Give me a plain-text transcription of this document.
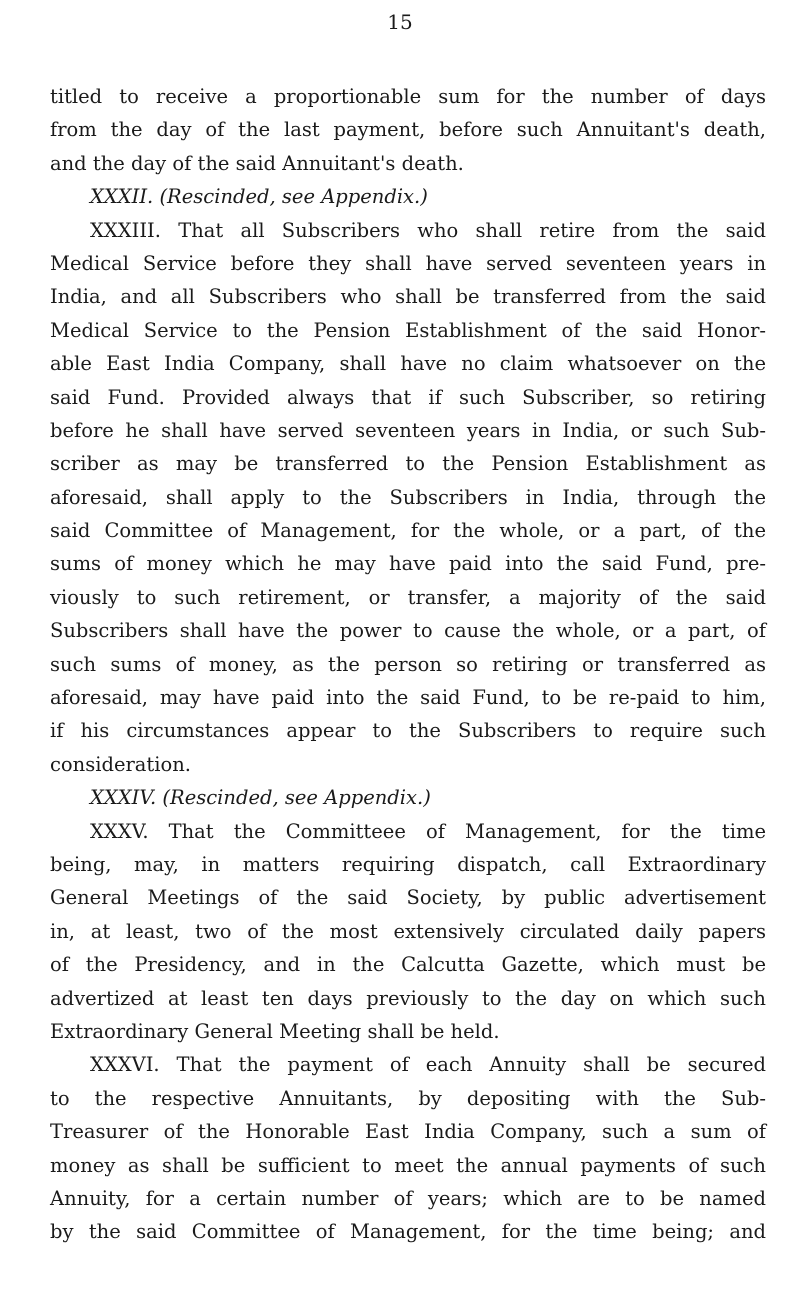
15
titled to receive a proportionable sum for the number of days
from the day of the last payment, before such Annuitant's death,
and the day of the said Annuitant's death.
XXXII. (Rescinded, see Appendix.)
XXXIII. That all Subscribers who shall retire from the said
Medical Service before they shall have served seventeen years in
India, and all Subscribers who shall be transferred from the said
Medical Service to the Pension Establishment of the said Honor-
able East India Company, shall have no claim whatsoever on the
said Fund. Provided always that if such Subscriber, so retiring
before he shall have served seventeen years in India, or such Sub-
scriber as may be transferred to the Pension Establishment as
aforesaid, shall apply to the Subscribers in India, through the
said Committee of Management, for the whole, or a part, of the
sums of money which he may have paid into the said Fund, pre-
viously to such retirement, or transfer, a majority of the said
Subscribers shall have the power to cause the whole, or a part, of
such sums of money, as the person so retiring or transferred as
aforesaid, may have paid into the said Fund, to be re-paid to him,
if his circumstances appear to the Subscribers to require such
consideration.
XXXIV. (Rescinded, see Appendix.)
XXXV. That the Committeee of Management, for the time
being, may, in matters requiring dispatch, call Extraordinary
General Meetings of the said Society, by public advertisement
in, at least, two of the most extensively circulated daily papers
of the Presidency, and in the Calcutta Gazette, which must be
advertized at least ten days previously to the day on which such
Extraordinary General Meeting shall be held.
XXXVI. That the payment of each Annuity shall be secured
to the respective Annuitants, by depositing with the Sub-
Treasurer of the Honorable East India Company, such a sum of
money as shall be sufficient to meet the annual payments of such
Annuity, for a certain number of years; which are to be named
by the said Committee of Management, for the time being; and
